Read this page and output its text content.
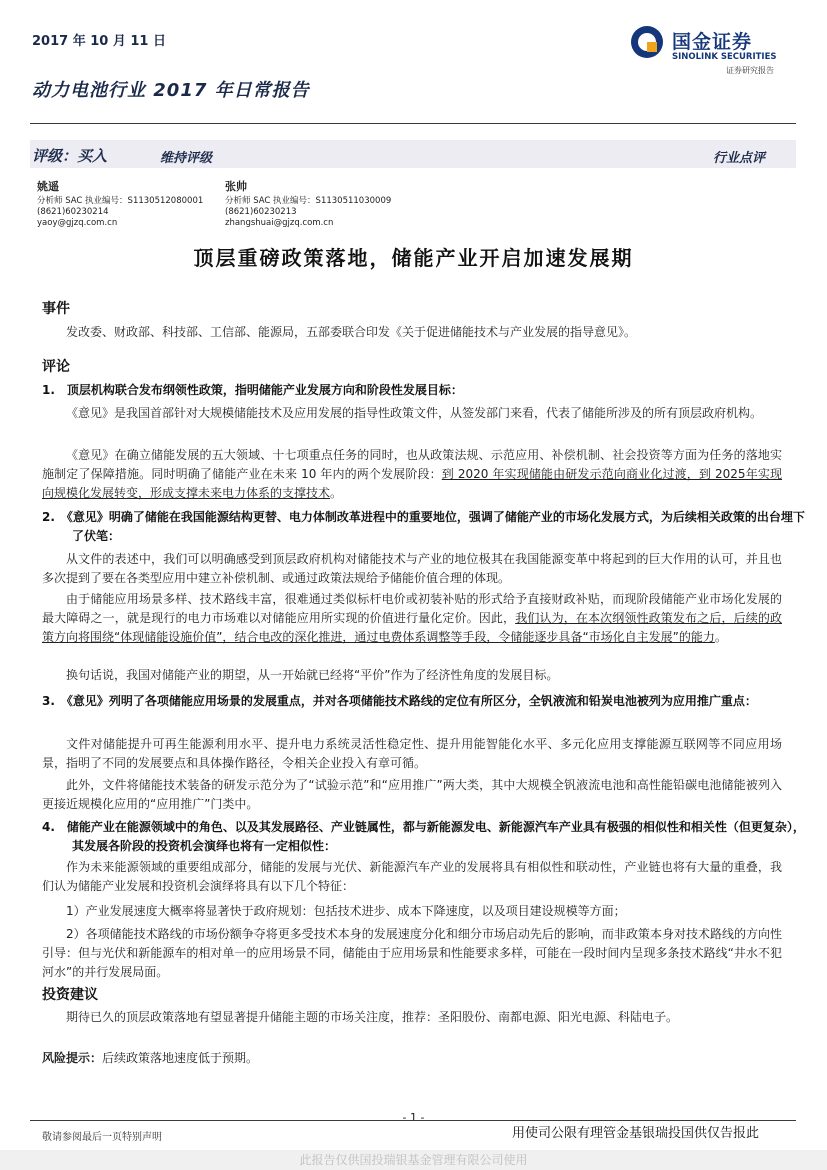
2017 年 10 月 11 日
动力电池行业 2017 年日常报告
国金证券
SINOLINK SECURITIES
证券研究报告
评级：买入	维持评级	行业点评
姚遥
分析师 SAC 执业编号：S1130512080001
(8621)60230214
yaoy@gjzq.com.cn
张帅
分析师 SAC 执业编号：S1130511030009
(8621)60230213
zhangshuai@gjzq.com.cn
顶层重磅政策落地，储能产业开启加速发展期
事件
发改委、财政部、科技部、工信部、能源局，五部委联合印发《关于促进储能技术与产业发展的指导意见》。
评论
1.　顶层机构联合发布纲领性政策，指明储能产业发展方向和阶段性发展目标：
《意见》是我国首部针对大规模储能技术及应用发展的指导性政策文件，从签发部门来看，代表了储能所涉及的所有顶层政府机构。
《意见》在确立储能发展的五大领域、十七项重点任务的同时，也从政策法规、示范应用、补偿机制、社会投资等方面为任务的落地实施制定了保障措施。同时明确了储能产业在未来 10 年内的两个发展阶段：到 2020 年实现储能由研发示范向商业化过渡，到 2025年实现向规模化发展转变，形成支撑未来电力体系的支撑技术。
2.　《意见》明确了储能在我国能源结构更替、电力体制改革进程中的重要地位，强调了储能产业的市场化发展方式，为后续相关政策的出台埋下了伏笔：
从文件的表述中，我们可以明确感受到顶层政府机构对储能技术与产业的地位极其在我国能源变革中将起到的巨大作用的认可，并且也多次提到了要在各类型应用中建立补偿机制、或通过政策法规给予储能价值合理的体现。
由于储能应用场景多样、技术路线丰富，很难通过类似标杆电价或初装补贴的形式给予直接财政补贴，而现阶段储能产业市场化发展的最大障碍之一，就是现行的电力市场难以对储能应用所实现的价值进行量化定价。因此，我们认为，在本次纲领性政策发布之后，后续的政策方向将围绕“体现储能设施价值”，结合电改的深化推进，通过电费体系调整等手段，令储能逐步具备“市场化自主发展”的能力。
换句话说，我国对储能产业的期望，从一开始就已经将“平价”作为了经济性角度的发展目标。
3.　《意见》列明了各项储能应用场景的发展重点，并对各项储能技术路线的定位有所区分，全钒液流和铅炭电池被列为应用推广重点：
文件对储能提升可再生能源利用水平、提升电力系统灵活性稳定性、提升用能智能化水平、多元化应用支撑能源互联网等不同应用场景，指明了不同的发展要点和具体操作路径，令相关企业投入有章可循。
此外，文件将储能技术装备的研发示范分为了“试验示范”和“应用推广”两大类，其中大规模全钒液流电池和高性能铅碳电池储能被列入更接近规模化应用的“应用推广”门类中。
4.　储能产业在能源领域中的角色、以及其发展路径、产业链属性，都与新能源发电、新能源汽车产业具有极强的相似性和相关性（但更复杂），其发展各阶段的投资机会演绎也将有一定相似性：
作为未来能源领域的重要组成部分，储能的发展与光伏、新能源汽车产业的发展将具有相似性和联动性，产业链也将有大量的重叠，我们认为储能产业发展和投资机会演绎将具有以下几个特征：
1）产业发展速度大概率将显著快于政府规划：包括技术进步、成本下降速度，以及项目建设规模等方面；
2）各项储能技术路线的市场份额争夺将更多受技术本身的发展速度分化和细分市场启动先后的影响，而非政策本身对技术路线的方向性引导：但与光伏和新能源车的相对单一的应用场景不同，储能由于应用场景和性能要求多样，可能在一段时间内呈现多条技术路线“井水不犯河水”的并行发展局面。
投资建议
期待已久的顶层政策落地有望显著提升储能主题的市场关注度，推荐：圣阳股份、南都电源、阳光电源、科陆电子。
风险提示：后续政策落地速度低于预期。
- 1 -
敬请参阅最后一页特别声明	用使司公限有理管金基银瑞投国供仅告报此
此报告仅供国投瑞银基金管理有限公司使用
